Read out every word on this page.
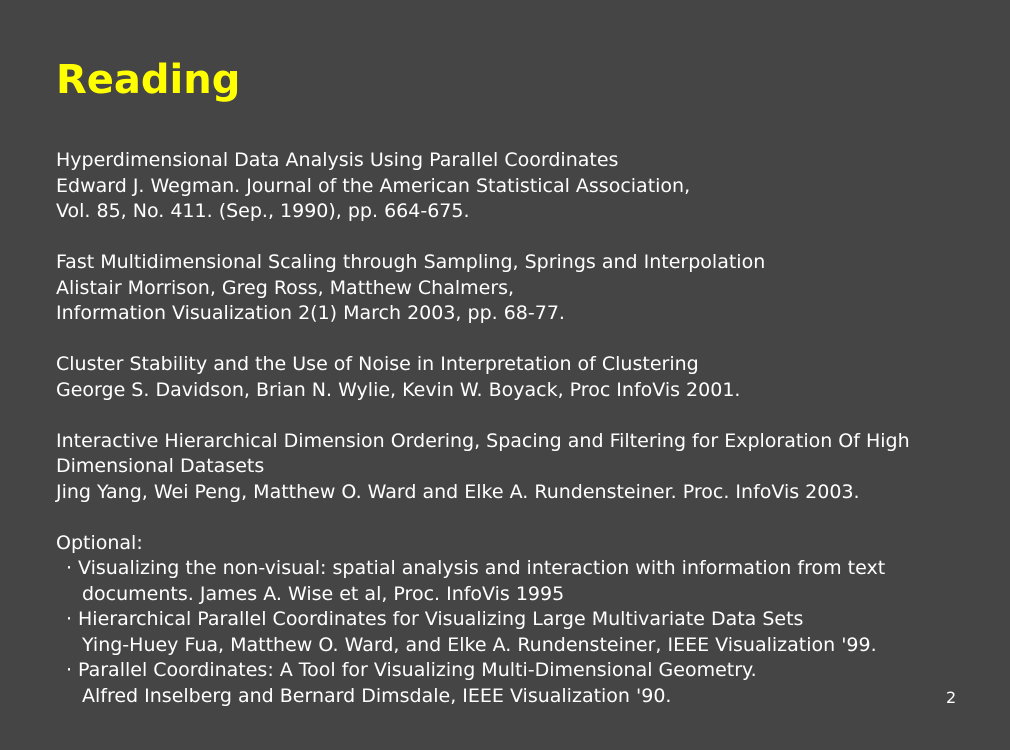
Reading
Hyperdimensional Data Analysis Using Parallel Coordinates
Edward J. Wegman. Journal of the American Statistical Association,
Vol. 85, No. 411. (Sep., 1990), pp. 664-675.
Fast Multidimensional Scaling through Sampling, Springs and Interpolation
Alistair Morrison, Greg Ross, Matthew Chalmers,
Information Visualization 2(1) March 2003, pp. 68-77.
Cluster Stability and the Use of Noise in Interpretation of Clustering
George S. Davidson, Brian N. Wylie, Kevin W. Boyack, Proc InfoVis 2001.
Interactive Hierarchical Dimension Ordering, Spacing and Filtering for Exploration Of High
Dimensional Datasets
Jing Yang, Wei Peng, Matthew O. Ward and Elke A. Rundensteiner. Proc. InfoVis 2003.
Optional:
· Visualizing the non-visual: spatial analysis and interaction with information from text
documents. James A. Wise et al, Proc. InfoVis 1995
· Hierarchical Parallel Coordinates for Visualizing Large Multivariate Data Sets
Ying-Huey Fua, Matthew O. Ward, and Elke A. Rundensteiner, IEEE Visualization '99.
· Parallel Coordinates: A Tool for Visualizing Multi-Dimensional Geometry.
Alfred Inselberg and Bernard Dimsdale, IEEE Visualization '90.	2
